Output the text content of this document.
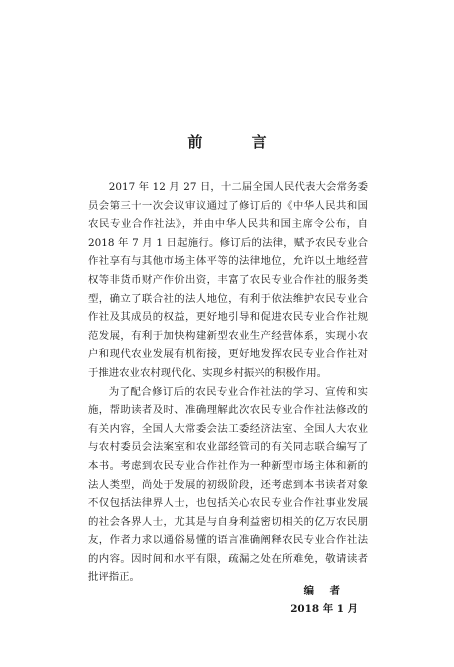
前 言

2017 年 12 月 27 日，十二届全国人民代表大会常务委员会第三十一次会议审议通过了修订后的《中华人民共和国农民专业合作社法》，并由中华人民共和国主席令公布，自 2018 年 7 月 1 日起施行。修订后的法律，赋予农民专业合作社享有与其他市场主体平等的法律地位，允许以土地经营权等非货币财产作价出资，丰富了农民专业合作社的服务类型，确立了联合社的法人地位，有利于依法维护农民专业合作社及其成员的权益，更好地引导和促进农民专业合作社规范发展，有利于加快构建新型农业生产经营体系，实现小农户和现代农业发展有机衔接，更好地发挥农民专业合作社对于推进农业农村现代化、实现乡村振兴的积极作用。

为了配合修订后的农民专业合作社法的学习、宣传和实施，帮助读者及时、准确理解此次农民专业合作社法修改的有关内容，全国人大常委会法工委经济法室、全国人大农业与农村委员会法案室和农业部经管司的有关同志联合编写了本书。考虑到农民专业合作社作为一种新型市场主体和新的法人类型，尚处于发展的初级阶段，还考虑到本书读者对象不仅包括法律界人士，也包括关心农民专业合作社事业发展的社会各界人士，尤其是与自身利益密切相关的亿万农民朋友，作者力求以通俗易懂的语言准确阐释农民专业合作社法的内容。因时间和水平有限，疏漏之处在所难免，敬请读者批评指正。

编 者
2018 年 1 月
